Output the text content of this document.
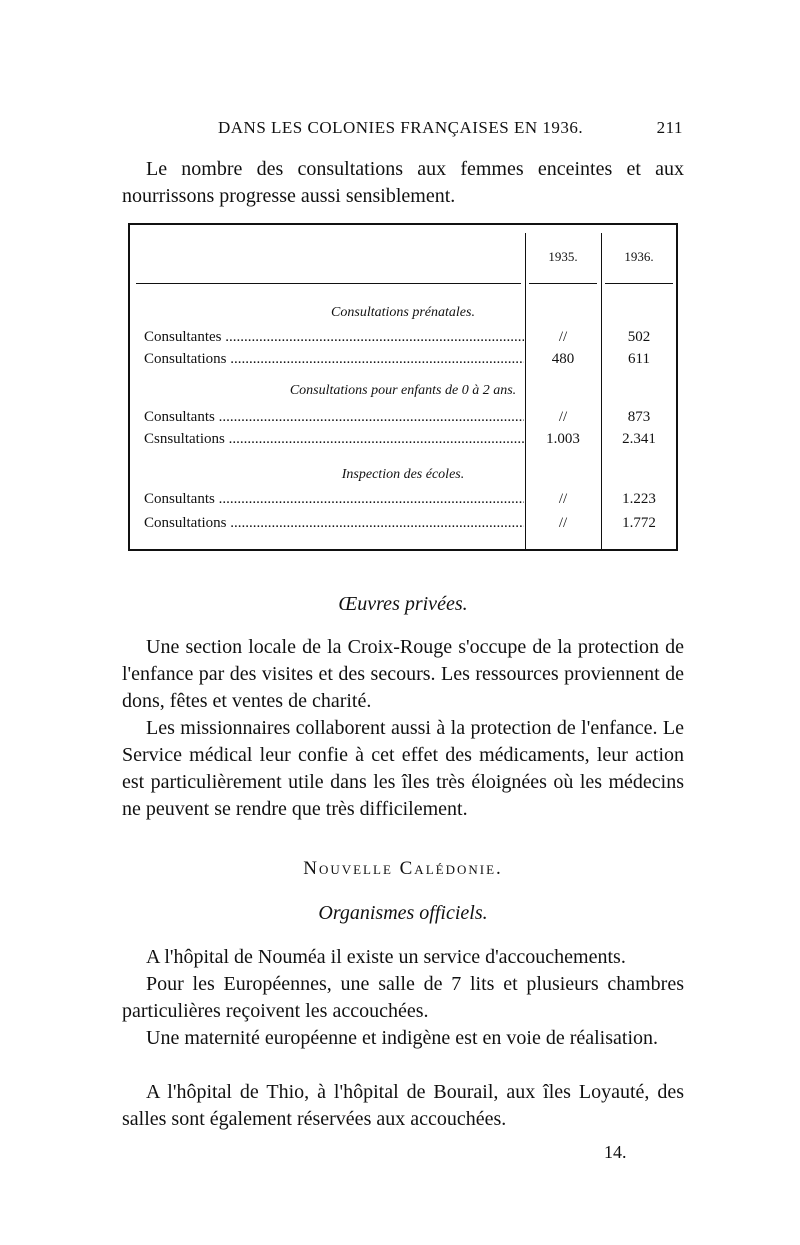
DANS LES COLONIES FRANÇAISES EN 1936.	211

Le nombre des consultations aux femmes enceintes et aux nourrissons progresse aussi sensiblement.

1935.	1936.
Consultations prénatales.
Consultantes .....	//	502
Consultations .....	480	611
Consultations pour enfants de 0 à 2 ans.
Consultants .....	//	873
Csnsultations .....	1.003	2.341
Inspection des écoles.
Consultants .....	//	1.223
Consultations .....	//	1.772

Œuvres privées.

Une section locale de la Croix-Rouge s'occupe de la protection de l'enfance par des visites et des secours. Les ressources proviennent de dons, fêtes et ventes de charité.

Les missionnaires collaborent aussi à la protection de l'enfance. Le Service médical leur confie à cet effet des médicaments, leur action est particulièrement utile dans les îles très éloignées où les médecins ne peuvent se rendre que très difficilement.

Nouvelle Calédonie.

Organismes officiels.

A l'hôpital de Nouméa il existe un service d'accouchements.

Pour les Européennes, une salle de 7 lits et plusieurs chambres particulières reçoivent les accouchées.

Une maternité européenne et indigène est en voie de réalisation.

A l'hôpital de Thio, à l'hôpital de Bourail, aux îles Loyauté, des salles sont également réservées aux accouchées.

14.
